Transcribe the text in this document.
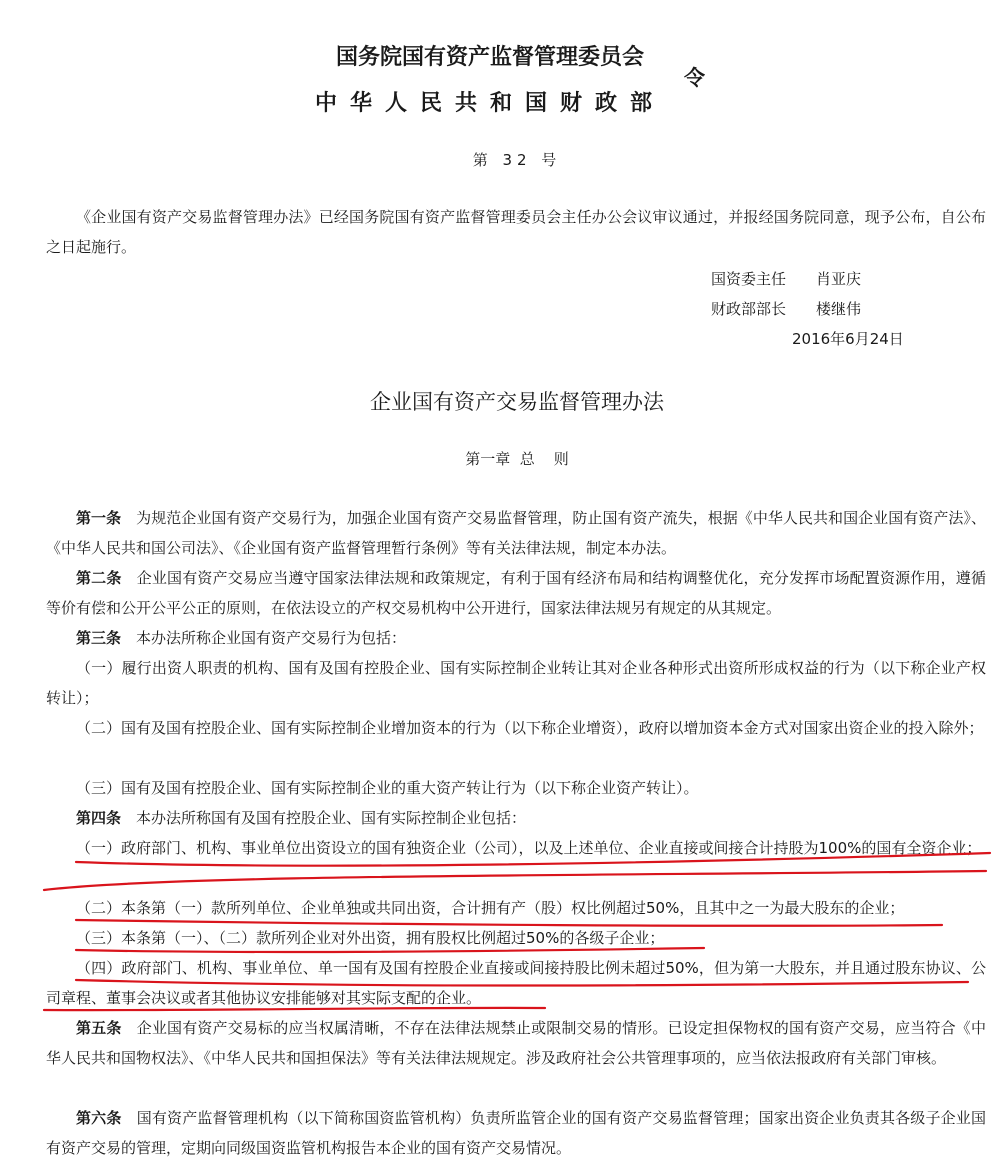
国务院国有资产监督管理委员会
中华人民共和国财政部
令
第 32 号

《企业国有资产交易监督管理办法》已经国务院国有资产监督管理委员会主任办公会议审议通过，并报经国务院同意，现予公布，自公布之日起施行。

国资委主任 肖亚庆
财政部部长 楼继伟
2016年6月24日
企业国有资产交易监督管理办法
第一章  总    则

第一条　 为规范企业国有资产交易行为，加强企业国有资产交易监督管理，防止国有资产流失，根据《中华人民共和国企业国有资产法》、《中华人民共和国公司法》、《企业国有资产监督管理暂行条例》等有关法律法规，制定本办法。

第二条　 企业国有资产交易应当遵守国家法律法规和政策规定，有利于国有经济布局和结构调整优化，充分发挥市场配置资源作用，遵循等价有偿和公开公平公正的原则，在依法设立的产权交易机构中公开进行，国家法律法规另有规定的从其规定。

第三条　 本办法所称企业国有资产交易行为包括：

（一）履行出资人职责的机构、国有及国有控股企业、国有实际控制企业转让其对企业各种形式出资所形成权益的行为（以下称企业产权转让）；

（二）国有及国有控股企业、国有实际控制企业增加资本的行为（以下称企业增资），政府以增加资本金方式对国家出资企业的投入除外；

（三）国有及国有控股企业、国有实际控制企业的重大资产转让行为（以下称企业资产转让）。

第四条　 本办法所称国有及国有控股企业、国有实际控制企业包括：

（一）政府部门、机构、事业单位出资设立的国有独资企业（公司），以及上述单位、企业直接或间接合计持股为100%的国有全资企业；

（二）本条第（一）款所列单位、企业单独或共同出资，合计拥有产（股）权比例超过50%，且其中之一为最大股东的企业；

（三）本条第（一）、（二）款所列企业对外出资，拥有股权比例超过50%的各级子企业；

（四）政府部门、机构、事业单位、单一国有及国有控股企业直接或间接持股比例未超过50%，但为第一大股东，并且通过股东协议、公司章程、董事会决议或者其他协议安排能够对其实际支配的企业。

第五条　 企业国有资产交易标的应当权属清晰，不存在法律法规禁止或限制交易的情形。已设定担保物权的国有资产交易，应当符合《中华人民共和国物权法》、《中华人民共和国担保法》等有关法律法规规定。涉及政府社会公共管理事项的，应当依法报政府有关部门审核。

第六条　 国有资产监督管理机构（以下简称国资监管机构）负责所监管企业的国有资产交易监督管理；国家出资企业负责其各级子企业国有资产交易的管理，定期向同级国资监管机构报告本企业的国有资产交易情况。
